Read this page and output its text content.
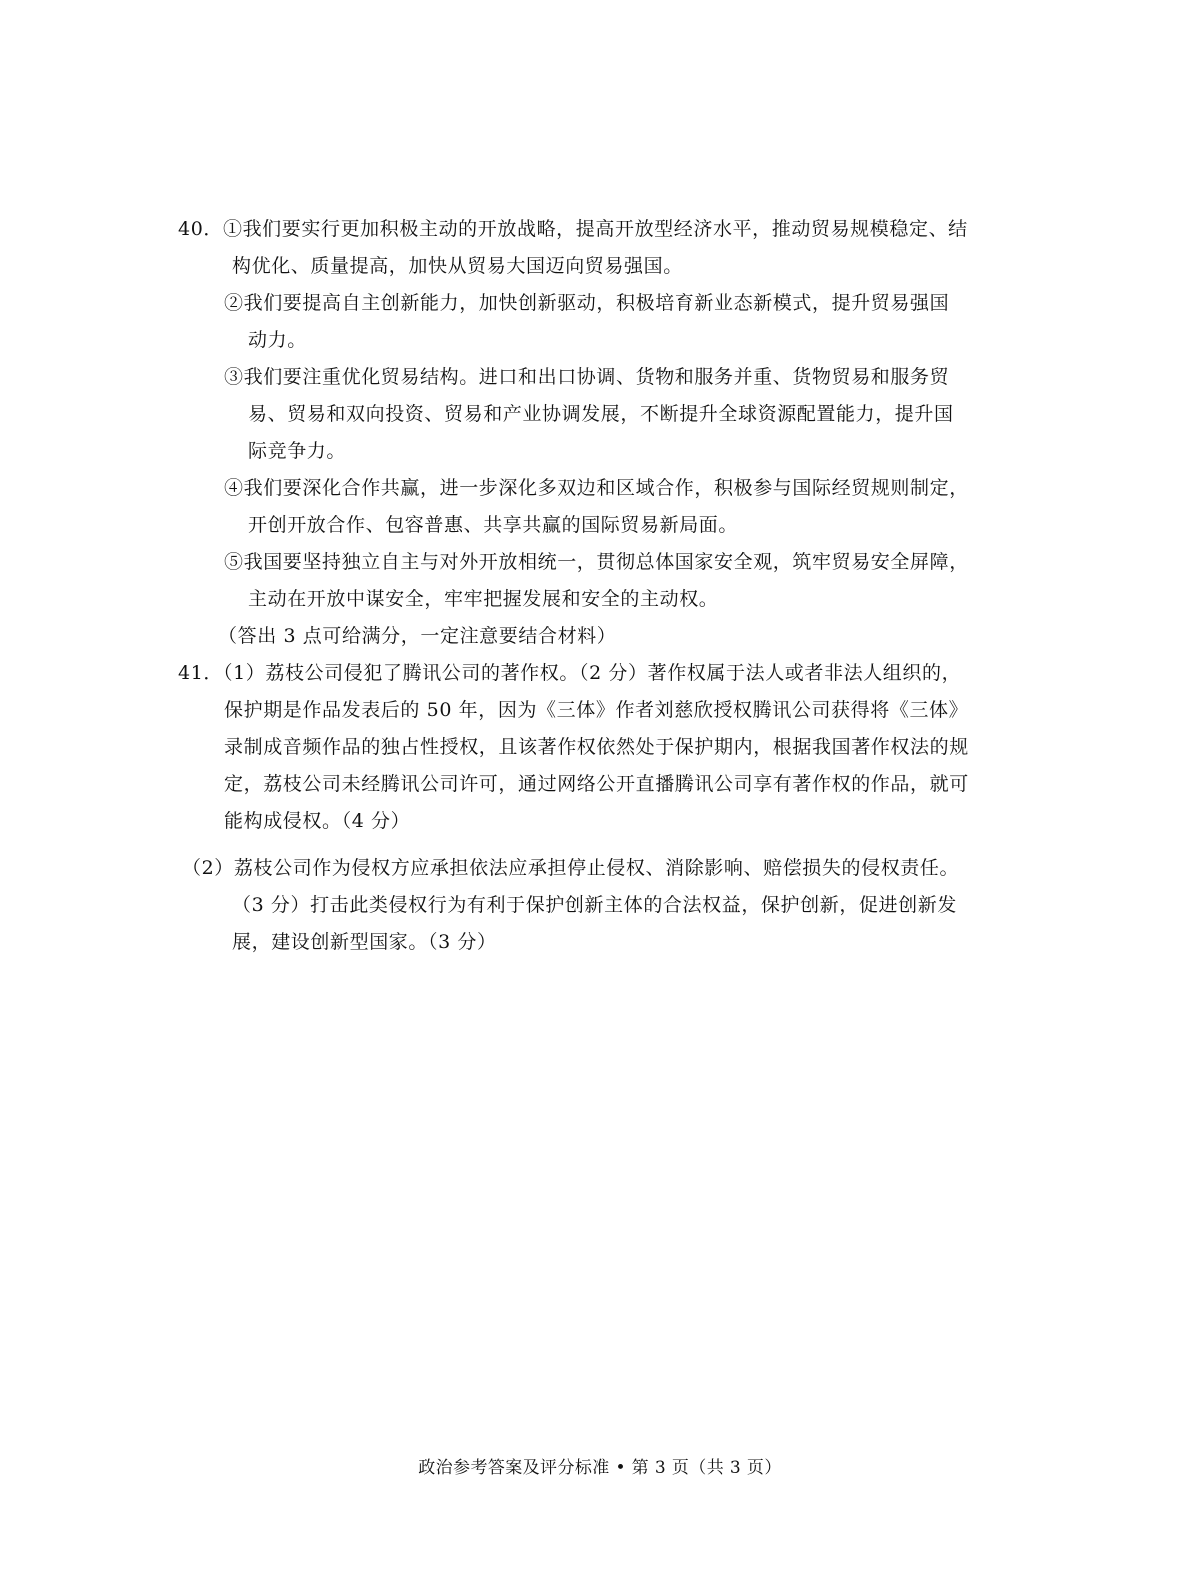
40．①我们要实行更加积极主动的开放战略，提高开放型经济水平，推动贸易规模稳定、结
构优化、质量提高，加快从贸易大国迈向贸易强国。
②我们要提高自主创新能力，加快创新驱动，积极培育新业态新模式，提升贸易强国
动力。
③我们要注重优化贸易结构。进口和出口协调、货物和服务并重、货物贸易和服务贸
易、贸易和双向投资、贸易和产业协调发展，不断提升全球资源配置能力，提升国
际竞争力。
④我们要深化合作共赢，进一步深化多双边和区域合作，积极参与国际经贸规则制定，
开创开放合作、包容普惠、共享共赢的国际贸易新局面。
⑤我国要坚持独立自主与对外开放相统一，贯彻总体国家安全观，筑牢贸易安全屏障，
主动在开放中谋安全，牢牢把握发展和安全的主动权。
（答出 3 点可给满分，一定注意要结合材料）
41．（1）荔枝公司侵犯了腾讯公司的著作权。（2 分）著作权属于法人或者非法人组织的，
保护期是作品发表后的 50 年，因为《三体》作者刘慈欣授权腾讯公司获得将《三体》
录制成音频作品的独占性授权，且该著作权依然处于保护期内，根据我国著作权法的规
定，荔枝公司未经腾讯公司许可，通过网络公开直播腾讯公司享有著作权的作品，就可
能构成侵权。（4 分）
（2）荔枝公司作为侵权方应承担依法应承担停止侵权、消除影响、赔偿损失的侵权责任。
（3 分）打击此类侵权行为有利于保护创新主体的合法权益，保护创新，促进创新发
展，建设创新型国家。（3 分）
政治参考答案及评分标准 • 第 3 页（共 3 页）
